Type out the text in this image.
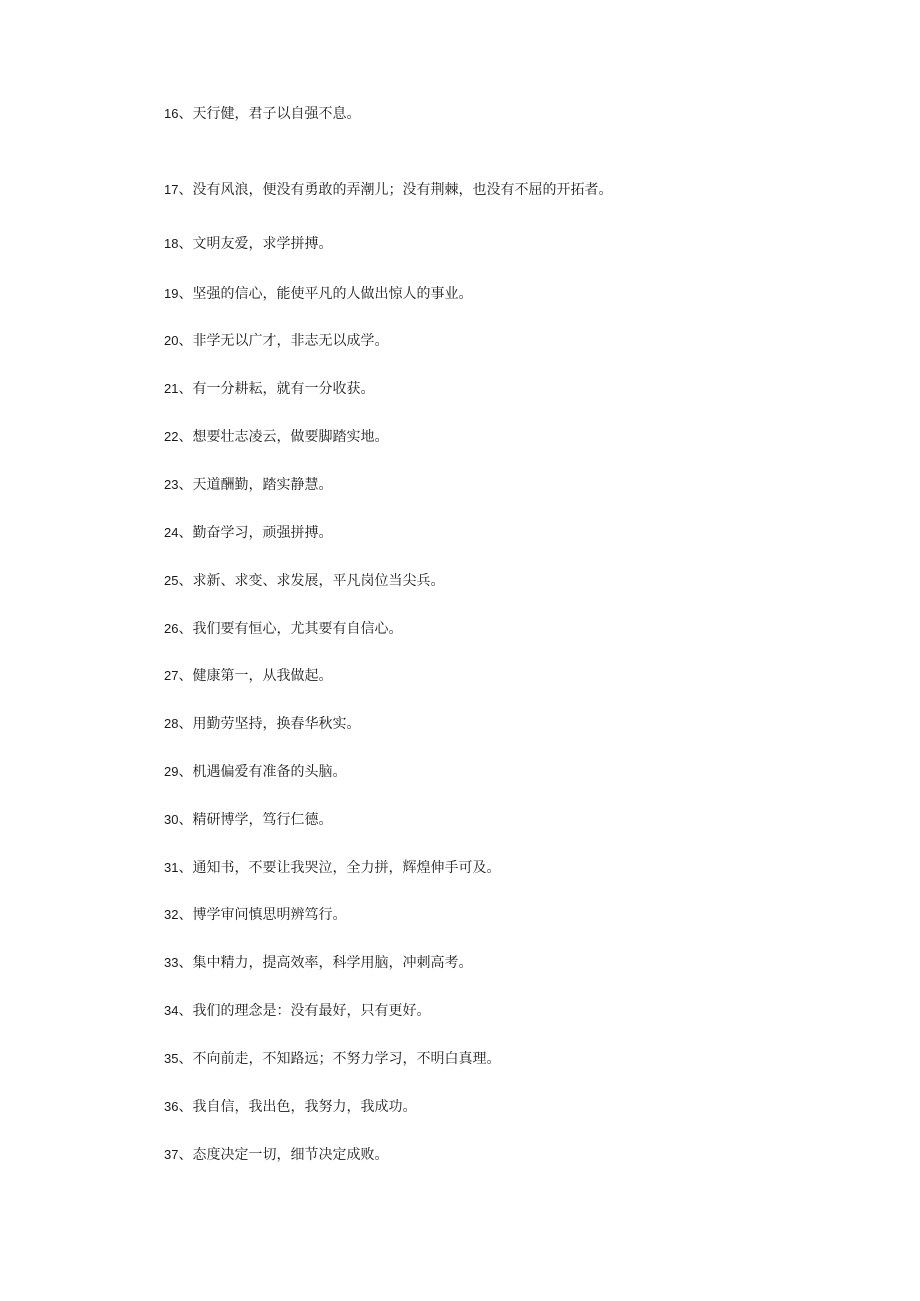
16、天行健，君子以自强不息。
17、没有风浪，便没有勇敢的弄潮儿；没有荆棘，也没有不屈的开拓者。
18、文明友爱，求学拼搏。
19、坚强的信心，能使平凡的人做出惊人的事业。
20、非学无以广才，非志无以成学。
21、有一分耕耘，就有一分收获。
22、想要壮志凌云，做要脚踏实地。
23、天道酬勤，踏实静慧。
24、勤奋学习，顽强拼搏。
25、求新、求变、求发展，平凡岗位当尖兵。
26、我们要有恒心，尤其要有自信心。
27、健康第一，从我做起。
28、用勤劳坚持，换春华秋实。
29、机遇偏爱有准备的头脑。
30、精研博学，笃行仁德。
31、通知书，不要让我哭泣，全力拼，辉煌伸手可及。
32、博学审问慎思明辨笃行。
33、集中精力，提高效率，科学用脑，冲刺高考。
34、我们的理念是：没有最好，只有更好。
35、不向前走，不知路远；不努力学习，不明白真理。
36、我自信，我出色，我努力，我成功。
37、态度决定一切，细节决定成败。
